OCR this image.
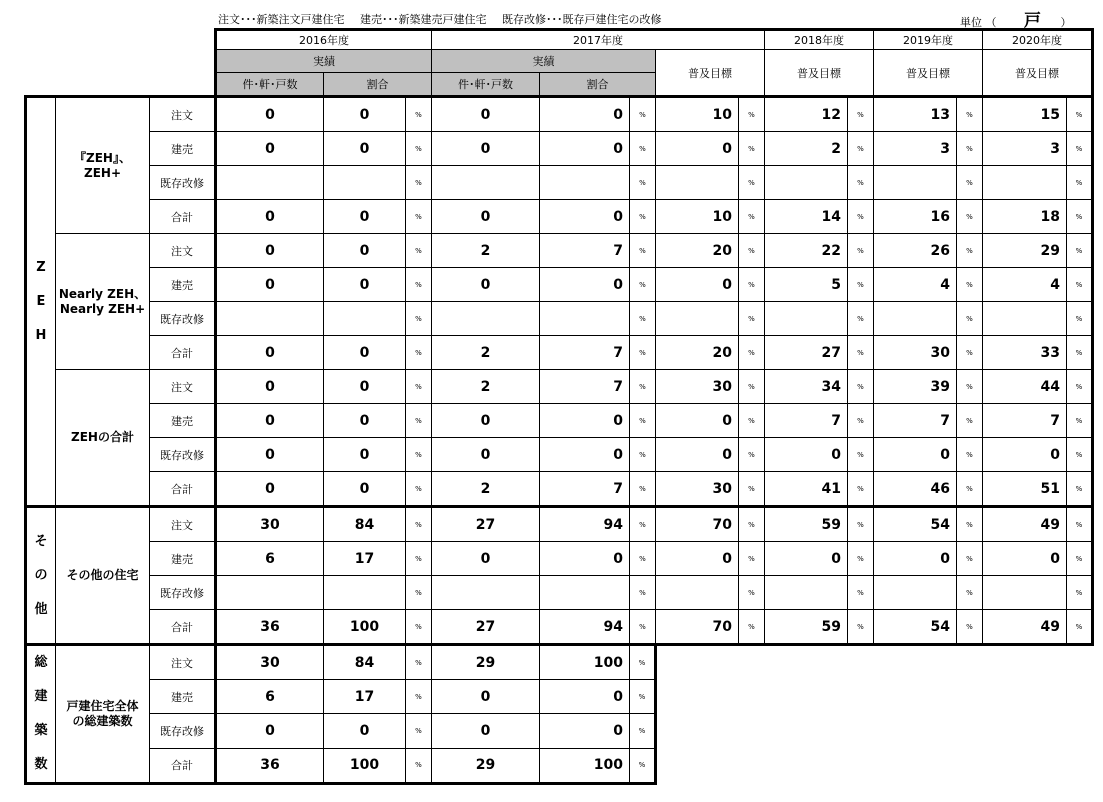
注文･･･新築注文戸建住宅 建売･･･新築建売戸建住宅 既存改修･･･既存戸建住宅の改修	単位 （ 戸 ）
			2016年度			2017年度					2018年度		2019年度		2020年度	
			実績			実績			普及目標		普及目標		普及目標		普及目標	
			件･軒･戸数	割合		件･軒･戸数	割合									
Z
E
H	『ZEH』、
ZEH+	注文	0	0	%	0	0	%	10	%	12	%	13	%	15	%
		建売	0	0	%	0	0	%	0	%	2	%	3	%	3	%
		既存改修			%			%		%		%		%		%
		合計	0	0	%	0	0	%	10	%	14	%	16	%	18	%
	Nearly ZEH、
Nearly ZEH+	注文	0	0	%	2	7	%	20	%	22	%	26	%	29	%
		建売	0	0	%	0	0	%	0	%	5	%	4	%	4	%
		既存改修			%			%		%		%		%		%
		合計	0	0	%	2	7	%	20	%	27	%	30	%	33	%
	ZEHの合計	注文	0	0	%	2	7	%	30	%	34	%	39	%	44	%
		建売	0	0	%	0	0	%	0	%	7	%	7	%	7	%
		既存改修	0	0	%	0	0	%	0	%	0	%	0	%	0	%
		合計	0	0	%	2	7	%	30	%	41	%	46	%	51	%
そ
の
他	その他の住宅	注文	30	84	%	27	94	%	70	%	59	%	54	%	49	%
		建売	6	17	%	0	0	%	0	%	0	%	0	%	0	%
		既存改修			%			%		%		%		%		%
		合計	36	100	%	27	94	%	70	%	59	%	54	%	49	%
総
建
築
数	戸建住宅全体
の総建築数	注文	30	84	%	29	100	%								
		建売	6	17	%	0	0	%								
		既存改修	0	0	%	0	0	%								
		合計	36	100	%	29	100	%								
